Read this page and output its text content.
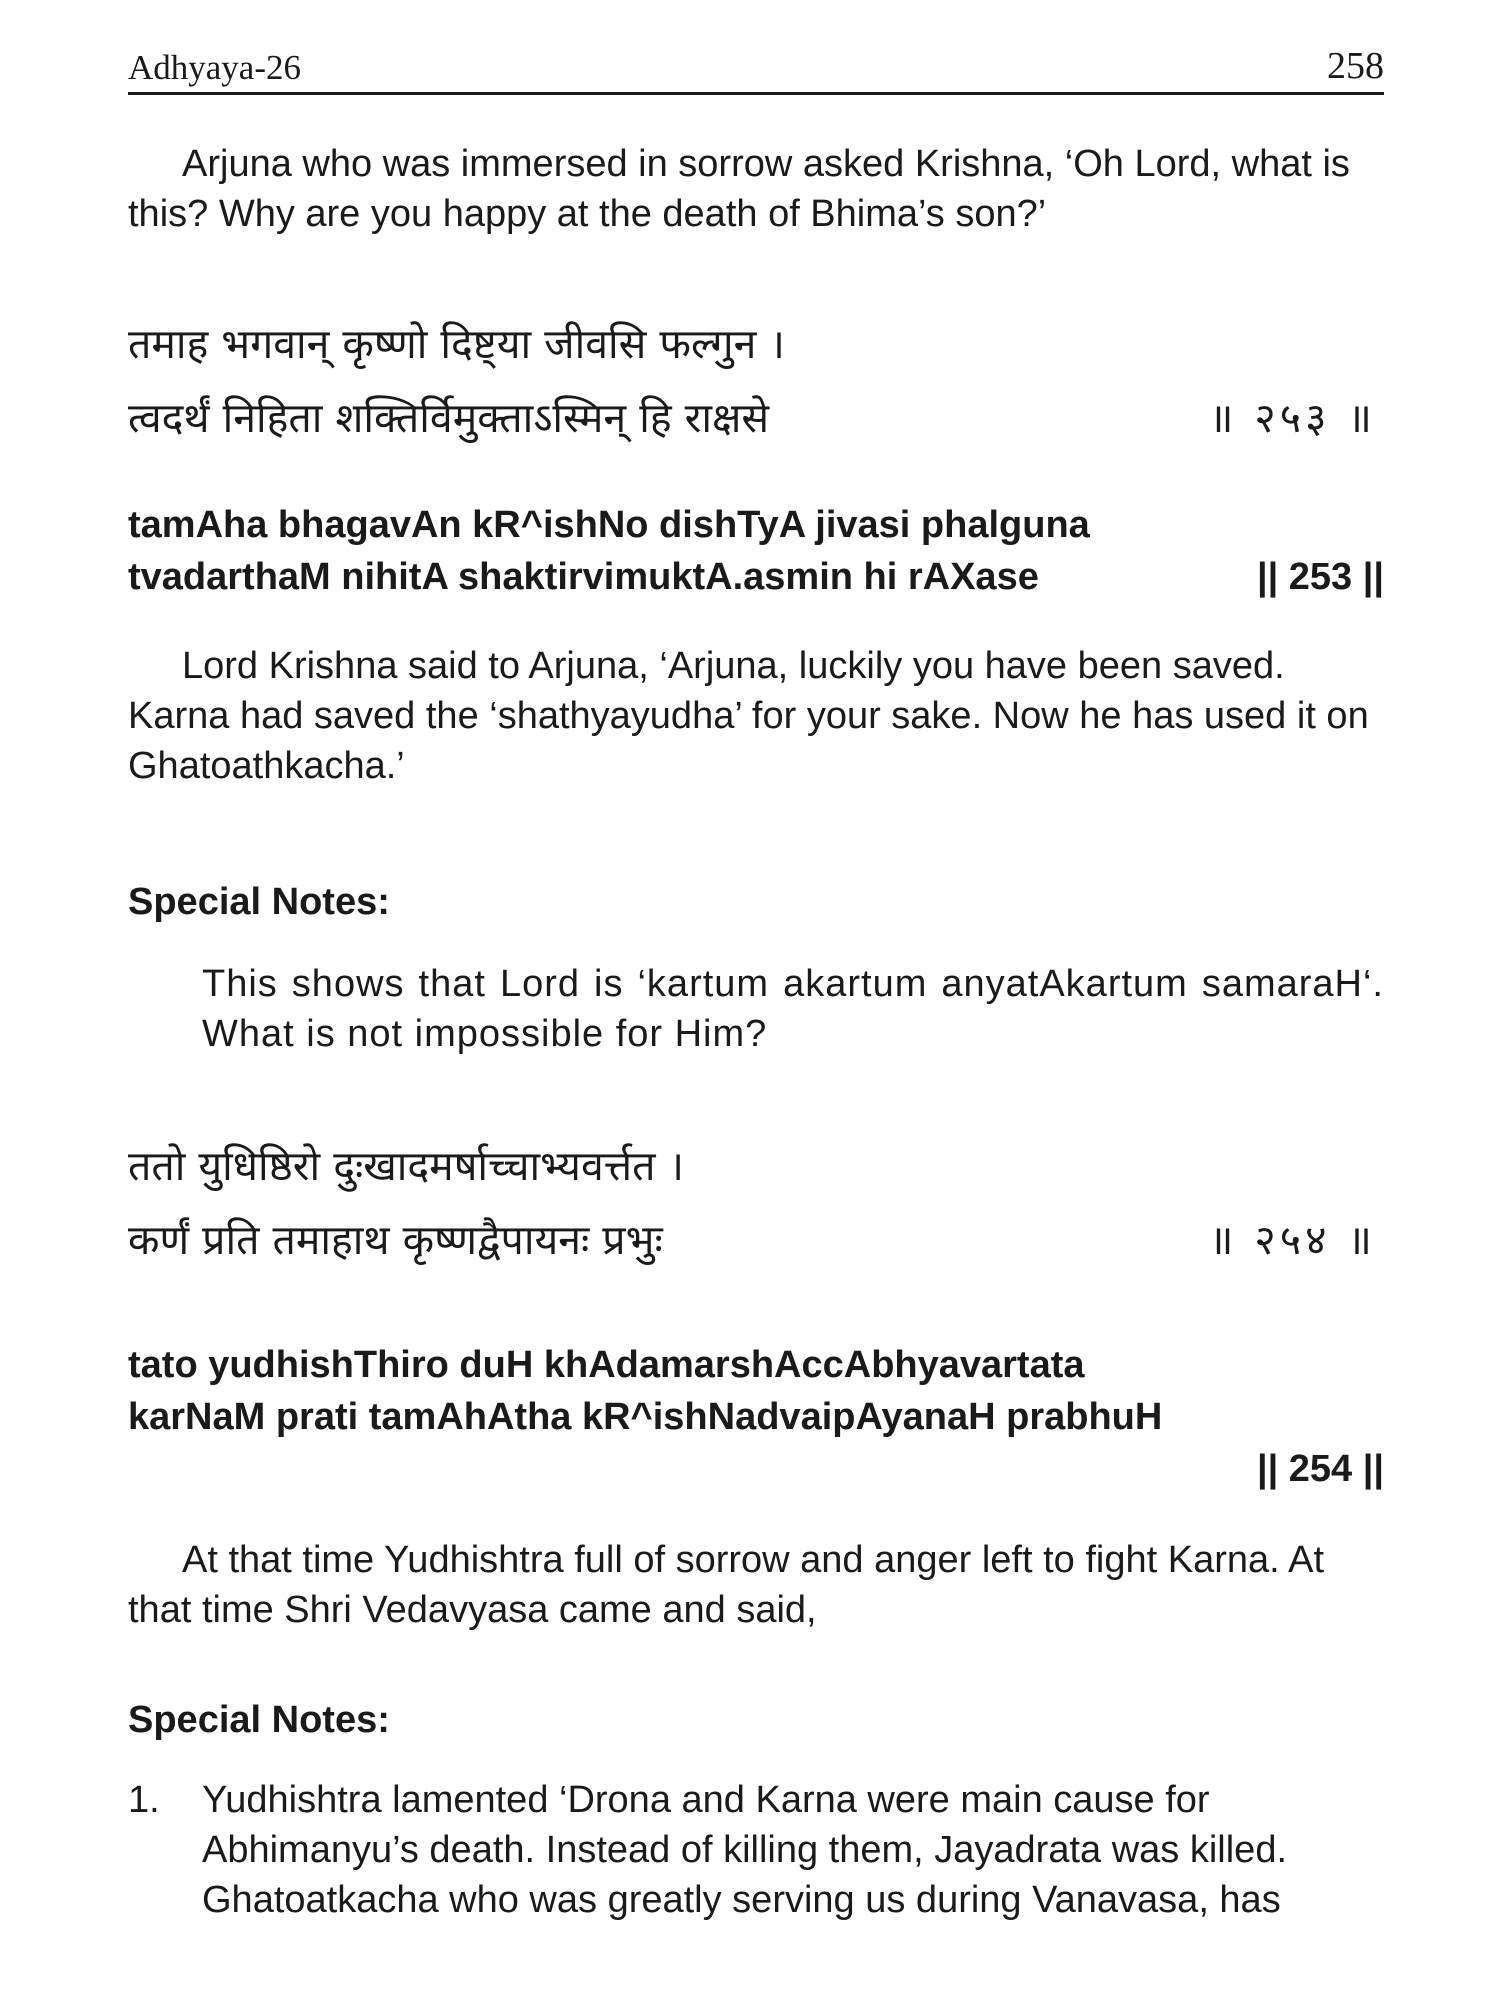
Adhyaya-26	258

Arjuna who was immersed in sorrow asked Krishna, ‘Oh Lord, what is this? Why are you happy at the death of Bhima’s son?’

तमाह भगवान् कृष्णो दिष्ट्या जीवसि फल्गुन ।
त्वदर्थं निहिता शक्तिर्विमुक्ताऽस्मिन् हि राक्षसे	॥ २५३ ॥
tamAha bhagavAn kR^ishNo dishTyA jivasi phalguna
tvadarthaM nihitA shaktirvimuktA.asmin hi rAXase	|| 253 ||

Lord Krishna said to Arjuna, ‘Arjuna, luckily you have been saved. Karna had saved the ‘shathyayudha’ for your sake. Now he has used it on Ghatoathkacha.’

Special Notes:

This shows that Lord is ‘kartum akartum anyatAkartum samaraH‘. What is not impossible for Him?

ततो युधिष्ठिरो दुःखादमर्षाच्चाभ्यवर्त्तत ।
कर्णं प्रति तमाहाथ कृष्णद्वैपायनः प्रभुः	॥ २५४ ॥
tato yudhishThiro duH khAdamarshAccAbhyavartata
karNaM prati tamAhAtha kR^ishNadvaipAyanaH prabhuH
|| 254 ||

At that time Yudhishtra full of sorrow and anger left to fight Karna. At that time Shri Vedavyasa came and said,

Special Notes:

1.	Yudhishtra lamented ‘Drona and Karna were main cause for Abhimanyu’s death. Instead of killing them, Jayadrata was killed. Ghatoatkacha who was greatly serving us during Vanavasa, has
